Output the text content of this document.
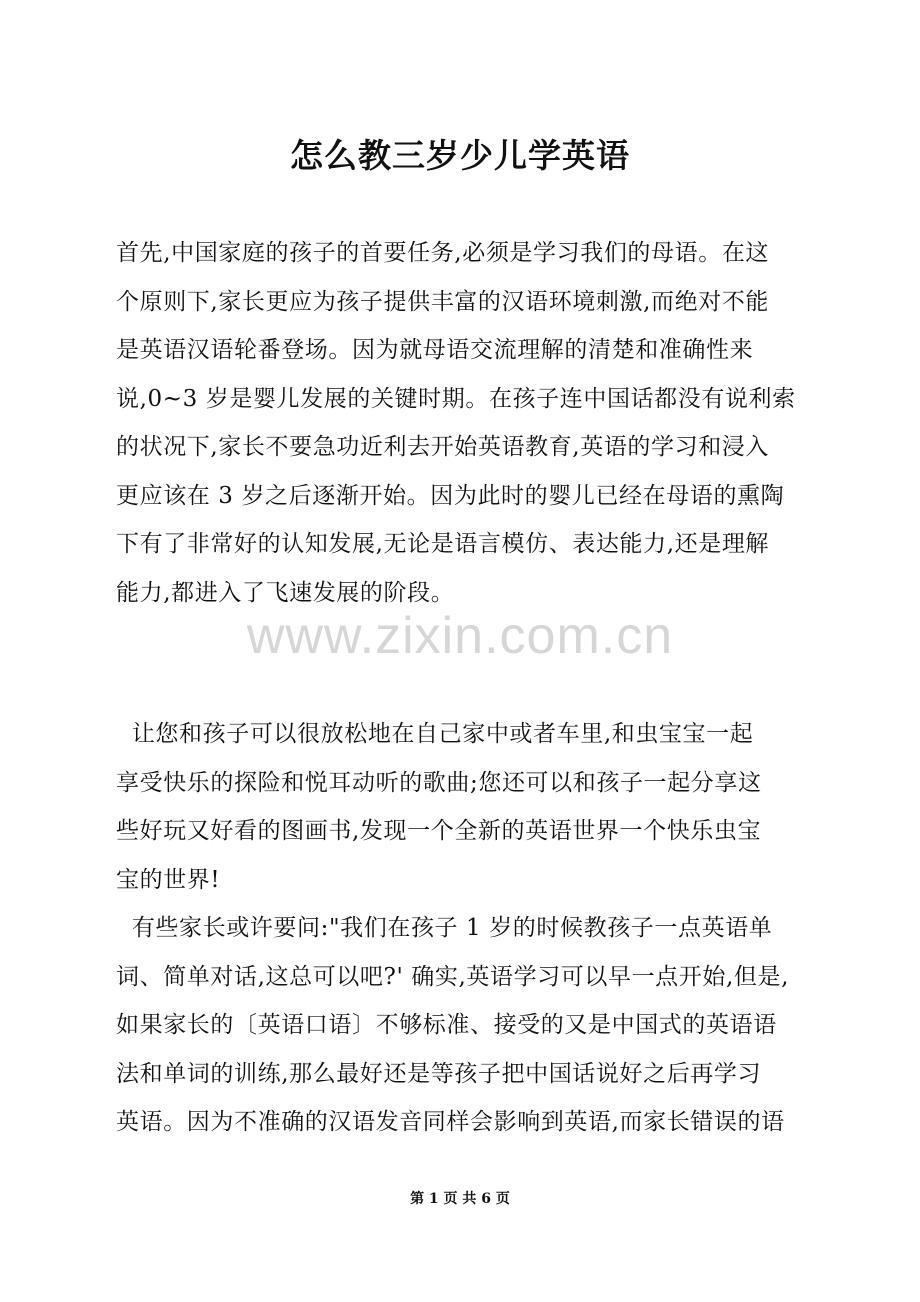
怎么教三岁少儿学英语
首先,中国家庭的孩子的首要任务,必须是学习我们的母语。在这
个原则下,家长更应为孩子提供丰富的汉语环境刺激,而绝对不能
是英语汉语轮番登场。因为就母语交流理解的清楚和准确性来
说,0~3 岁是婴儿发展的关键时期。在孩子连中国话都没有说利索
的状况下,家长不要急功近利去开始英语教育,英语的学习和浸入
更应该在 3 岁之后逐渐开始。因为此时的婴儿已经在母语的熏陶
下有了非常好的认知发展,无论是语言模仿、表达能力,还是理解
能力,都进入了飞速发展的阶段。
www.zixin.com.cn
让您和孩子可以很放松地在自己家中或者车里,和虫宝宝一起
享受快乐的探险和悦耳动听的歌曲;您还可以和孩子一起分享这
些好玩又好看的图画书,发现一个全新的英语世界一个快乐虫宝
宝的世界!
有些家长或许要问:"我们在孩子 1 岁的时候教孩子一点英语单
词、简单对话,这总可以吧?' 确实,英语学习可以早一点开始,但是,
如果家长的〔英语口语〕不够标准、接受的又是中国式的英语语
法和单词的训练,那么最好还是等孩子把中国话说好之后再学习
英语。因为不准确的汉语发音同样会影响到英语,而家长错误的语
第 1 页 共 6 页
